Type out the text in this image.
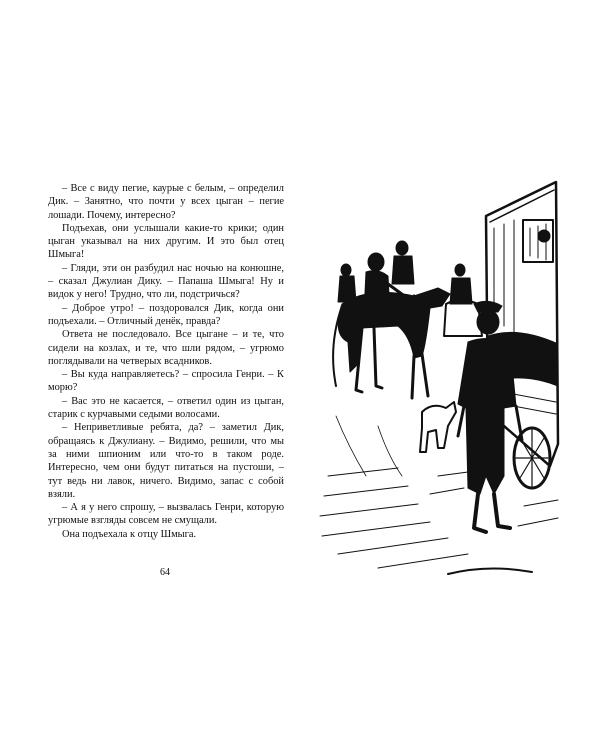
– Все с виду пегие, каурые с белым, – определил Дик. – Занятно, что почти у всех цыган – пегие лошади. Почему, интересно?

Подъехав, они услышали какие-то крики; один цыган указывал на них другим. И это был отец Шмыга!

– Гляди, эти он разбудил нас ночью на конюшне, – сказал Джулиан Дику. – Папаша Шмыга! Ну и видок у него! Трудно, что ли, подстричься?

– Доброе утро! – поздоровался Дик, когда они подъехали. – Отличный денёк, правда?

Ответа не последовало. Все цыгане – и те, что сидели на козлах, и те, что шли рядом, – угрюмо поглядывали на четверых всадников.

– Вы куда направляетесь? – спросила Генри. – К морю?

– Вас это не касается, – ответил один из цыган, старик с курчавыми седыми волосами.

– Неприветливые ребята, да? – заметил Дик, обращаясь к Джулиану. – Видимо, решили, что мы за ними шпионим или что-то в таком роде. Интересно, чем они будут питаться на пустоши, – тут ведь ни лавок, ничего. Видимо, запас с собой взяли.

– А я у него спрошу, – вызвалась Генри, которую угрюмые взгляды совсем не смущали.

Она подъехала к отцу Шмыга.

64
